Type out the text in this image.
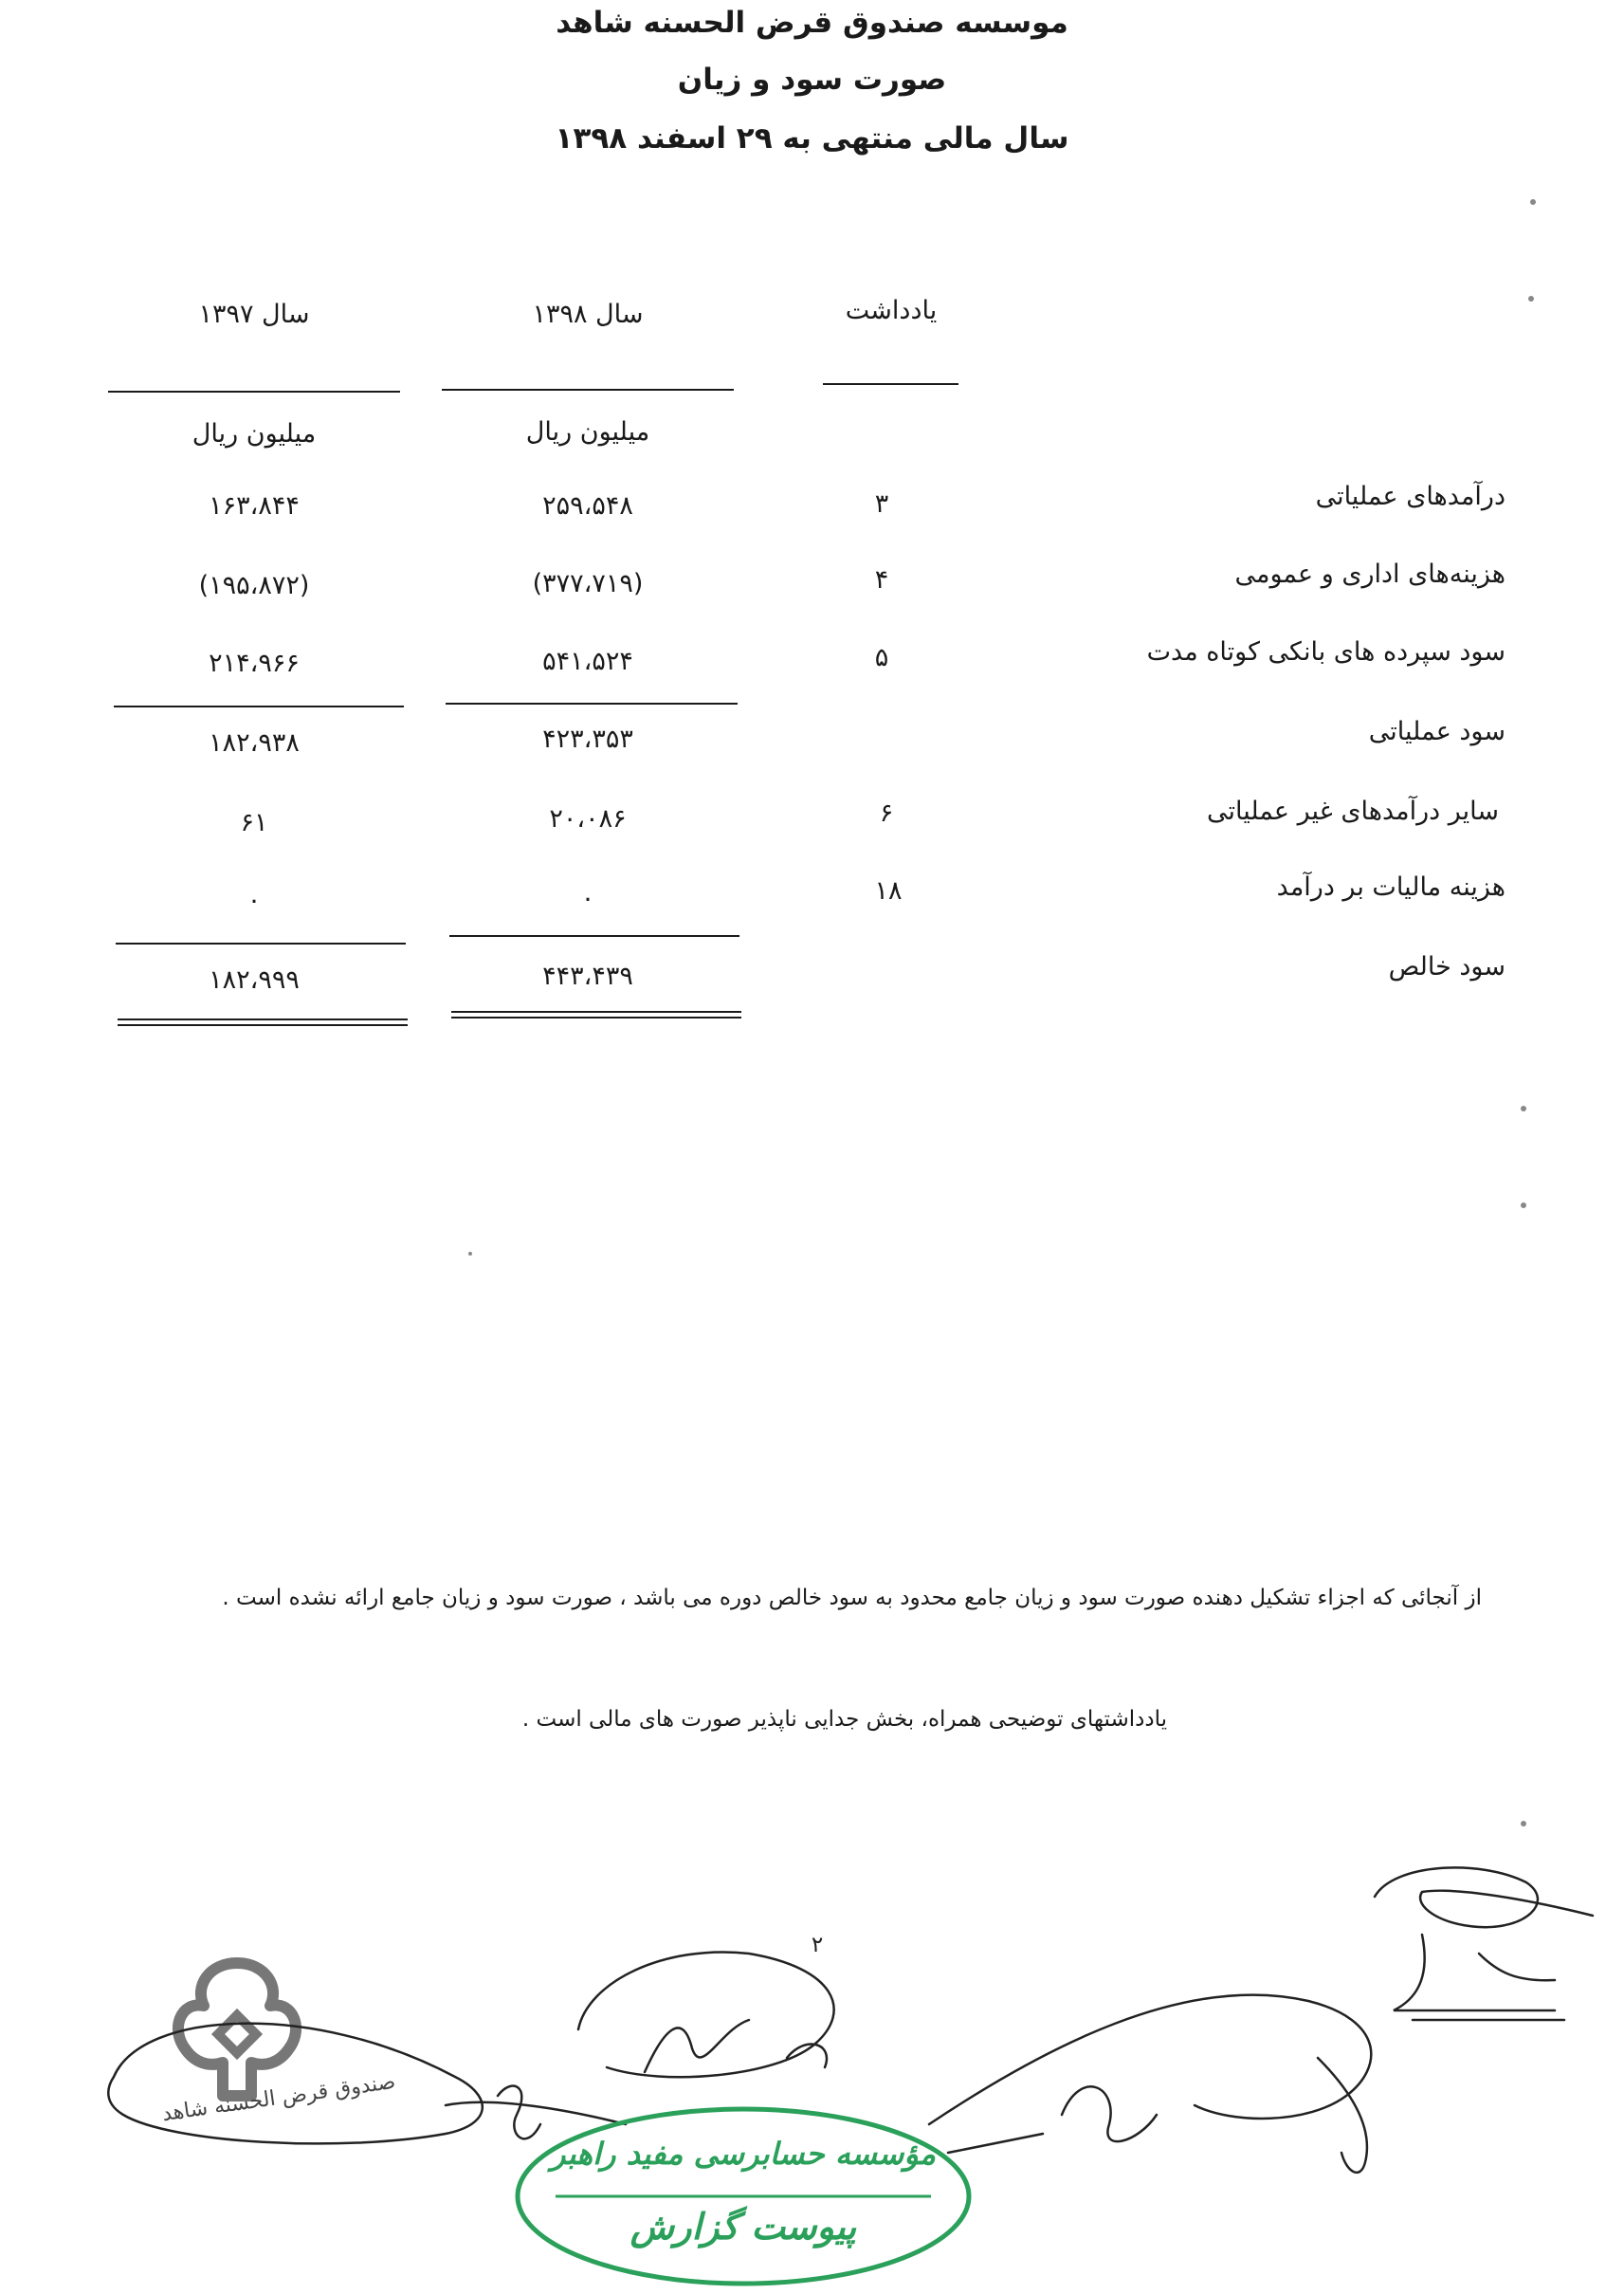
موسسه صندوق قرض الحسنه شاهد
صورت سود و زیان
سال مالی منتهی به ۲۹ اسفند ۱۳۹۸
یادداشت
سال ۱۳۹۸
سال ۱۳۹۷
میلیون ریال
میلیون ریال
درآمدهای عملیاتی
۳
۲۵۹،۵۴۸
۱۶۳،۸۴۴
هزینه‌های اداری و عمومی
۴
(۳۷۷،۷۱۹)
(۱۹۵،۸۷۲)
سود سپرده های بانکی کوتاه مدت
۵
۵۴۱،۵۲۴
۲۱۴،۹۶۶
سود عملیاتی
۴۲۳،۳۵۳
۱۸۲،۹۳۸
سایر درآمدهای غیر عملیاتی
۶
۲۰،۰۸۶
۶۱
هزینه مالیات بر درآمد
۱۸
۰
۰
سود خالص
۴۴۳،۴۳۹
۱۸۲،۹۹۹
از آنجائی که اجزاء تشکیل دهنده صورت سود و زیان جامع محدود به سود خالص دوره می باشد ، صورت سود و زیان جامع ارائه نشده است .
یادداشتهای توضیحی همراه، بخش جدایی ناپذیر صورت های مالی است .
۲
صندوق قرض الحسنه شاهد
مؤسسه حسابرسی مفید راهبر
پیوست گزارش
